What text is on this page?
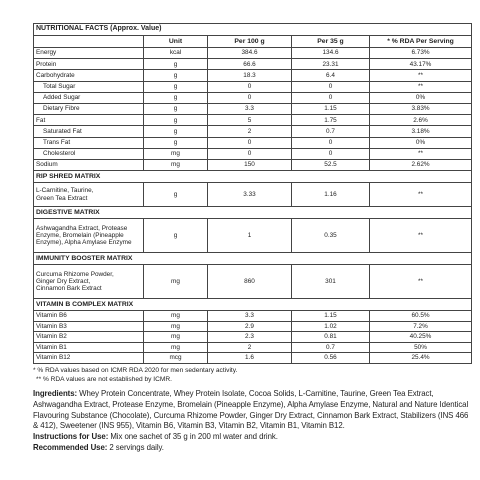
NUTRITIONAL FACTS (Approx. Value)				
	Unit	Per 100 g	Per 35 g	* % RDA Per Serving
Energy	kcal	384.6	134.6	6.73%
Protein	g	66.6	23.31	43.17%
Carbohydrate	g	18.3	6.4	**
Total Sugar	g	0	0	**
Added Sugar	g	0	0	0%
Dietary Fibre	g	3.3	1.15	3.83%
Fat	g	5	1.75	2.6%
Saturated Fat	g	2	0.7	3.18%
Trans Fat	g	0	0	0%
Cholesterol	mg	0	0	**
Sodium	mg	150	52.5	2.62%
RIP SHRED MATRIX				

L-Carnitine, Taurine,
Green Tea Extract	g	3.33	1.16	**
DIGESTIVE MATRIX				

Ashwagandha Extract, Protease
Enzyme, Bromelain (Pineapple
Enzyme), Alpha Amylase Enzyme	g	1	0.35	**
IMMUNITY BOOSTER MATRIX				

Curcuma Rhizome Powder,
Ginger Dry Extract,
Cinnamon Bark Extract	mg	860	301	**
VITAMIN B COMPLEX MATRIX				
Vitamin B6	mg	3.3	1.15	60.5%
Vitamin B3	mg	2.9	1.02	7.2%
Vitamin B2	mg	2.3	0.81	40.25%
Vitamin B1	mg	2	0.7	50%
Vitamin B12	mcg	1.6	0.56	25.4%
* % RDA values based on ICMR RDA 2020 for men sedentary activity.
** % RDA values are not established by ICMR.

Ingredients: Whey Protein Concentrate, Whey Protein Isolate, Cocoa Solids, L-Carnitine, Taurine, Green Tea Extract, Ashwagandha Extract, Protease Enzyme, Bromelain (Pineapple Enzyme), Alpha Amylase Enzyme, Natural and Nature Identical Flavouring Substance (Chocolate), Curcuma Rhizome Powder, Ginger Dry Extract, Cinnamon Bark Extract, Stabilizers (INS 466 & 412), Sweetener (INS 955), Vitamin B6, Vitamin B3, Vitamin B2, Vitamin B1, Vitamin B12.

Instructions for Use: Mix one sachet of 35 g in 200 ml water and drink.

Recommended Use: 2 servings daily.
